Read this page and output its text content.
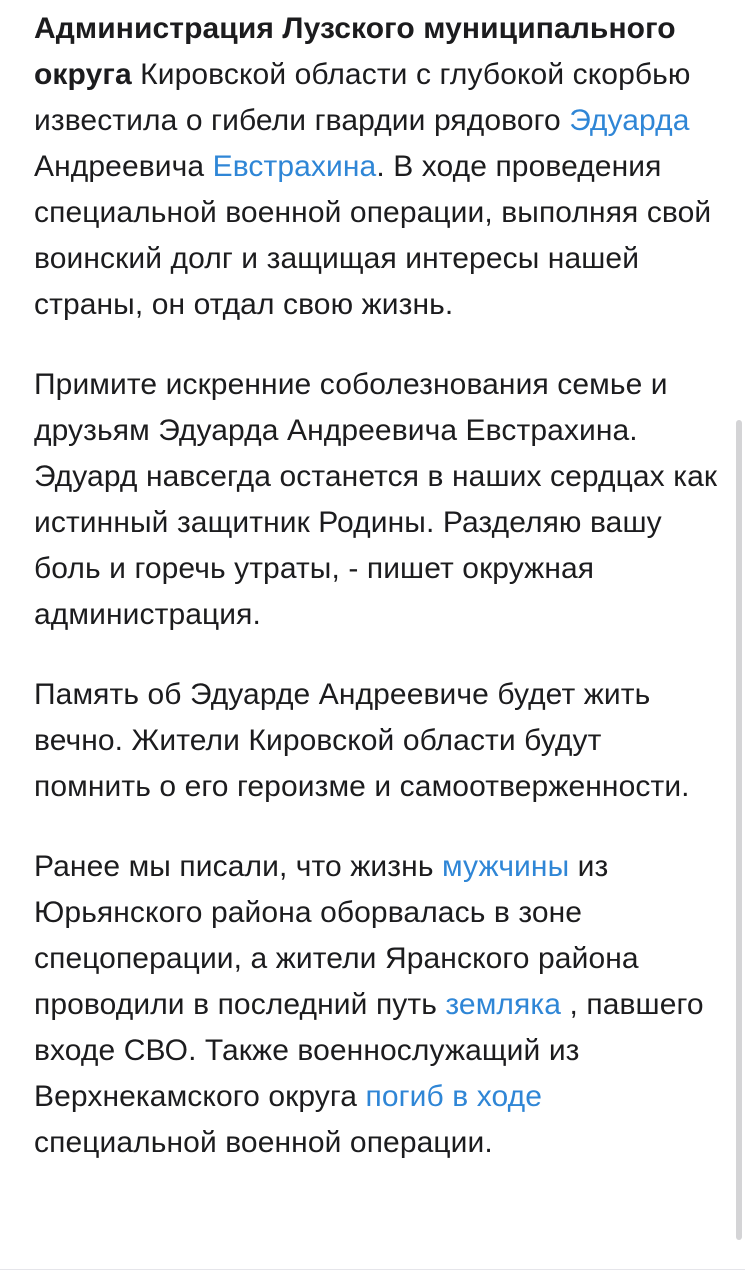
Администрация Лузского муниципального округа Кировской области с глубокой скорбью известила о гибели гвардии рядового Эдуарда Андреевича Евстрахина. В ходе проведения специальной военной операции, выполняя свой воинский долг и защищая интересы нашей страны, он отдал свою жизнь.

Примите искренние соболезнования семье и друзьям Эдуарда Андреевича Евстрахина. Эдуард навсегда останется в наших сердцах как истинный защитник Родины. Разделяю вашу боль и горечь утраты, - пишет окружная администрация.

Память об Эдуарде Андреевиче будет жить вечно. Жители Кировской области будут помнить о его героизме и самоотверженности.

Ранее мы писали, что жизнь мужчины из Юрьянского района оборвалась в зоне спецоперации, а жители Яранского района проводили в последний путь земляка , павшего входе СВО. Также военнослужащий из Верхнекамского округа погиб в ходе специальной военной операции.
